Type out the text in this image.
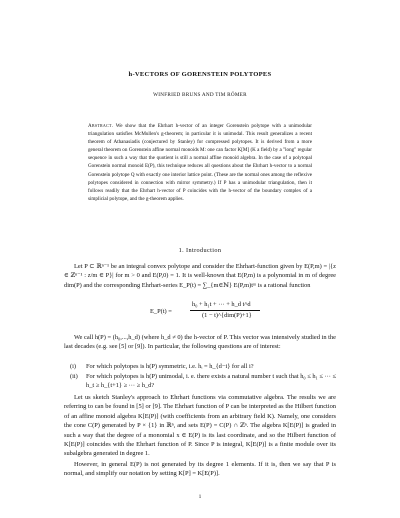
h-VECTORS OF GORENSTEIN POLYTOPES
WINFRIED BRUNS AND TIM RÖMER

Abstract. We show that the Ehrhart h-vector of an integer Gorenstein polytope with a unimodular triangulation satisfies McMullen's g-theorem; in particular it is unimodal. This result generalizes a recent theorem of Athanasiadis (conjectured by Stanley) for compressed polytopes. It is derived from a more general theorem on Gorenstein affine normal monoids M: one can factor K[M] (K a field) by a "long" regular sequence in such a way that the quotient is still a normal affine monoid algebra. In the case of a polytopal Gorenstein normal monoid E(P), this technique reduces all questions about the Ehrhart h-vector to a normal Gorenstein polytope Q with exactly one interior lattice point. (These are the normal ones among the reflexive polytopes considered in connection with mirror symmetry.) If P has a unimodular triangulation, then it follows readily that the Ehrhart h-vector of P coincides with the h-vector of the boundary complex of a simplicial polytope, and the g-theorem applies.

1. Introduction

Let P ⊂ ℝⁿ⁻¹ be an integral convex polytope and consider the Ehrhart-function given by E(P,m) = |{z ∈ ℤⁿ⁻¹ : z/m ∈ P}| for m > 0 and E(P,0) = 1. It is well-known that E(P,m) is a polynomial in m of degree dim(P) and the corresponding Ehrhart-series E_P(t) = ∑_{m∈ℕ} E(P,m)tᵐ is a rational function

E_P(t) =
h₀ + h₁t + ··· + h_d t^d
(1 − t)^{dim(P)+1}

We call h(P) = (h₀,...,h_d) (where h_d ≠ 0) the h-vector of P. This vector was intensively studied in the last decades (e.g. see [5] or [9]). In particular, the following questions are of interest:

(i) For which polytopes is h(P) symmetric, i.e. hᵢ = h_{d−i} for all i?

(ii) For which polytopes is h(P) unimodal, i. e. there exists a natural number t such that h₀ ≤ h₁ ≤ ··· ≤ h_t ≥ h_{t+1} ≥ ··· ≥ h_d?

Let us sketch Stanley's approach to Ehrhart functions via commutative algebra. The results we are referring to can be found in [5] or [9]. The Ehrhart function of P can be interpreted as the Hilbert function of an affine monoid algebra K[E(P)] (with coefficients from an arbitrary field K). Namely, one considers the cone C(P) generated by P × {1} in ℝⁿ, and sets E(P) = C(P) ∩ ℤⁿ. The algebra K[E(P)] is graded in such a way that the degree of a monomial x ∈ E(P) is its last coordinate, and so the Hilbert function of K[E(P)] coincides with the Ehrhart function of P. Since P is integral, K[E(P)] is a finite module over its subalgebra generated in degree 1.

However, in general E(P) is not generated by its degree 1 elements. If it is, then we say that P is normal, and simplify our notation by setting K[P] = K[E(P)].

1
